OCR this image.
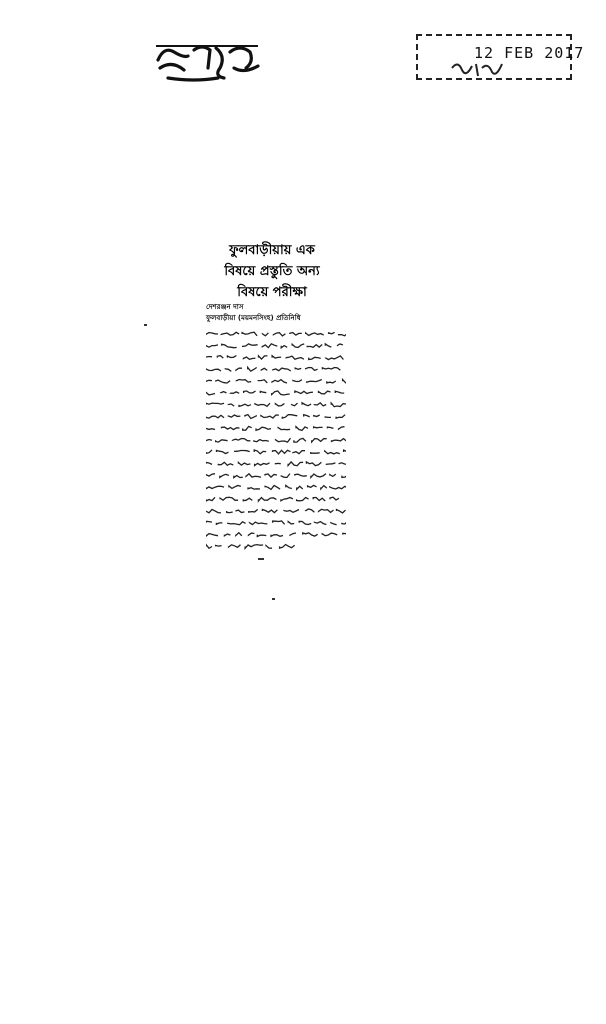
12 FEB 2017
ফুলবাড়ীয়ায় এক
বিষয়ে প্রস্তুতি অন্য
বিষয়ে পরীক্ষা
দেশরঞ্জন দাস
ফুলবাড়ীয়া (ময়মনসিংহ) প্রতিনিধি
